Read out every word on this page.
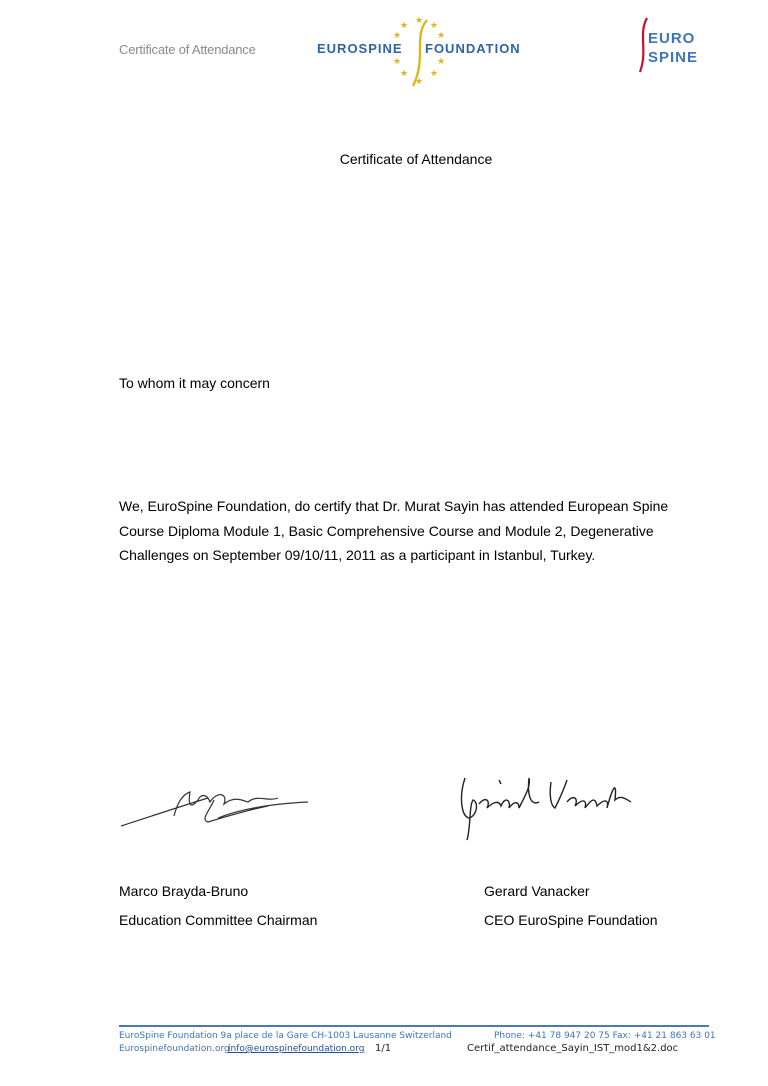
Certificate of Attendance
★ ★ ★
★	★
★	★
★ ★
★
EUROSPINE FOUNDATION
EURO
SPINE
Certificate of Attendance
To whom it may concern

We, EuroSpine Foundation, do certify that Dr. Murat Sayin has attended European Spine

Course Diploma Module 1, Basic Comprehensive Course and Module 2, Degenerative

Challenges on September 09/10/11, 2011 as a participant in Istanbul, Turkey.

Marco Brayda-Bruno
Education Committee Chairman
Gerard Vanacker
CEO EuroSpine Foundation
EuroSpine Foundation 9a place de la Gare CH-1003 Lausanne Switzerland	Phone: +41 78 947 20 75 Fax: +41 21 863 63 01
Eurospinefoundation.org
info@eurospinefoundation.org 1/1	Certif_attendance_Sayin_IST_mod1&2.doc
